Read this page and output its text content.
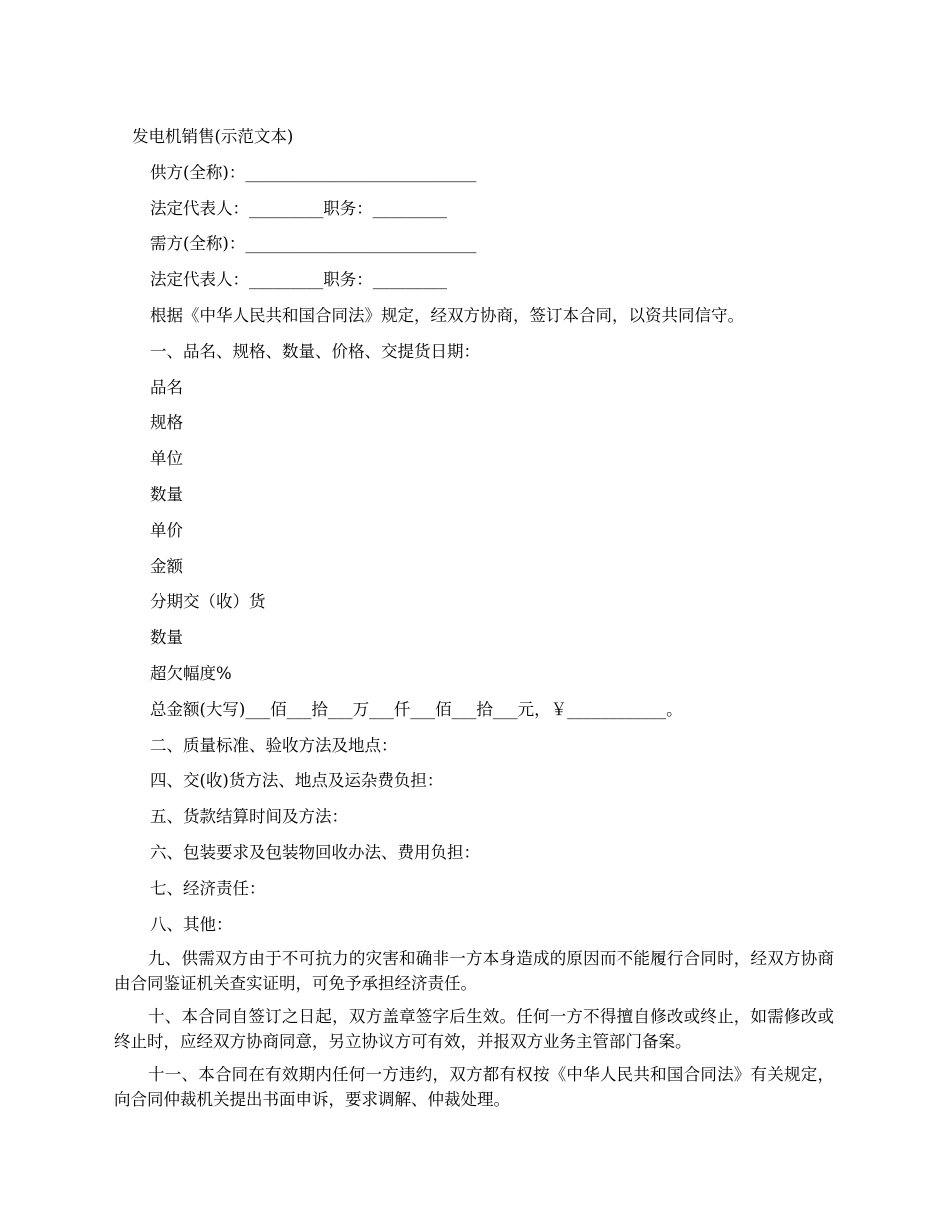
发电机销售(示范文本)
供方(全称)：____________________________
法定代表人：_________职务：_________
需方(全称)：____________________________
法定代表人：_________职务：_________
根据《中华人民共和国合同法》规定，经双方协商，签订本合同，以资共同信守。
一、品名、规格、数量、价格、交提货日期：
品名
规格
单位
数量
单价
金额
分期交（收）货
数量
超欠幅度%
总金额(大写)___佰___拾___万___仟___佰___拾___元，￥____________。
二、质量标准、验收方法及地点：
四、交(收)货方法、地点及运杂费负担：
五、货款结算时间及方法：
六、包装要求及包装物回收办法、费用负担：
七、经济责任：
八、其他：
九、供需双方由于不可抗力的灾害和确非一方本身造成的原因而不能履行合同时，经双方协商由合同鉴证机关查实证明，可免予承担经济责任。
十、本合同自签订之日起，双方盖章签字后生效。任何一方不得擅自修改或终止，如需修改或终止时，应经双方协商同意，另立协议方可有效，并报双方业务主管部门备案。
十一、本合同在有效期内任何一方违约，双方都有权按《中华人民共和国合同法》有关规定，向合同仲裁机关提出书面申诉，要求调解、仲裁处理。
